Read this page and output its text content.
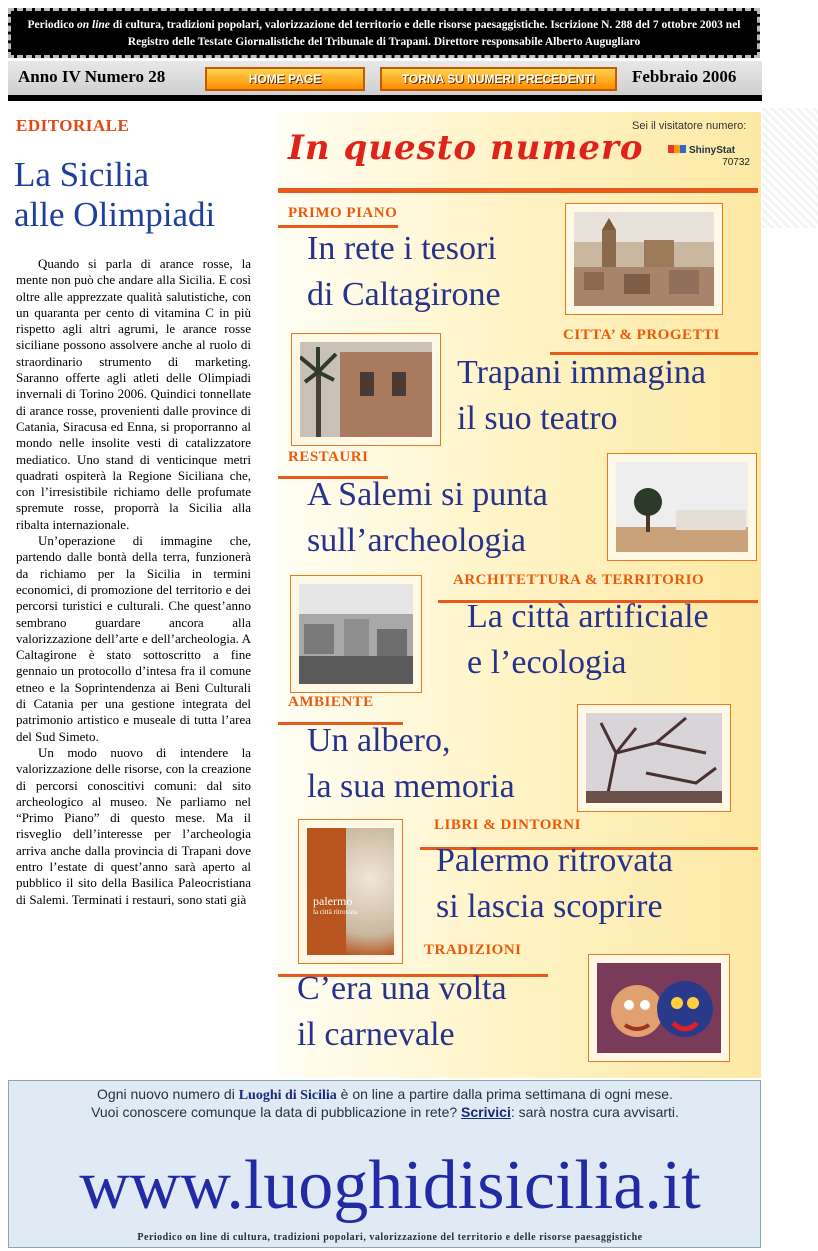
Periodico on line di cultura, tradizioni popolari, valorizzazione del territorio e delle risorse paesaggistiche. Iscrizione N. 288 del 7 ottobre 2003 nel Registro delle Testate Giornalistiche del Tribunale di Trapani. Direttore responsabile Alberto Augugliaro
Anno IV Numero 28	HOME PAGE	TORNA SU NUMERI PRECEDENTI	Febbraio 2006
EDITORIALE
La Sicilia
alle Olimpiadi

Quando si parla di arance rosse, la mente non può che andare alla Sicilia. E così oltre alle apprezzate qualità salutistiche, con un quaranta per cento di vitamina C in più rispetto agli altri agrumi, le arance rosse siciliane possono assolvere anche al ruolo di straordinario strumento di marketing. Saranno offerte agli atleti delle Olimpiadi invernali di Torino 2006. Quindici tonnellate di arance rosse, provenienti dalle province di Catania, Siracusa ed Enna, si proporranno al mondo nelle insolite vesti di catalizzatore mediatico. Uno stand di venticinque metri quadrati ospiterà la Regione Siciliana che, con l’irresistibile richiamo delle profumate spremute rosse, proporrà la Sicilia alla ribalta internazionale.

Un’operazione di immagine che, partendo dalle bontà della terra, funzionerà da richiamo per la Sicilia in termini economici, di promozione del territorio e dei percorsi turistici e culturali. Che quest’anno sembrano guardare ancora alla valorizzazione dell’arte e dell’archeologia. A Caltagirone è stato sottoscritto a fine gennaio un protocollo d’intesa fra il comune etneo e la Soprintendenza ai Beni Culturali di Catania per una gestione integrata del patrimonio artistico e museale di tutta l’area del Sud Simeto.

Un modo nuovo di intendere la valorizzazione delle risorse, con la creazione di percorsi conoscitivi comuni: dal sito archeologico al museo. Ne parliamo nel “Primo Piano” di questo mese. Ma il risveglio dell’interesse per l’archeologia arriva anche dalla provincia di Trapani dove entro l’estate di quest’anno sarà aperto al pubblico il sito della Basilica Paleocristiana di Salemi. Terminati i restauri, sono stati già

Sei il visitatore numero:
ShinyStat
70732
In questo numero
PRIMO PIANO
In rete i tesori
di Caltagirone
CITTA’ & PROGETTI
Trapani immagina
il suo teatro
RESTAURI
A Salemi si punta
sull’archeologia
ARCHITETTURA & TERRITORIO
La città artificiale
e l’ecologia
AMBIENTE
Un albero,
la sua memoria
palermo
la città ritrovata
LIBRI & DINTORNI
Palermo ritrovata
si lascia scoprire
TRADIZIONI
C’era una volta
il carnevale
Ogni nuovo numero di Luoghi di Sicilia è on line a partire dalla prima settimana di ogni mese.
Vuoi conoscere comunque la data di pubblicazione in rete? Scrivici: sarà nostra cura avvisarti.
www.luoghidisicilia.it
Periodico on line di cultura, tradizioni popolari, valorizzazione del territorio e delle risorse paesaggistiche
